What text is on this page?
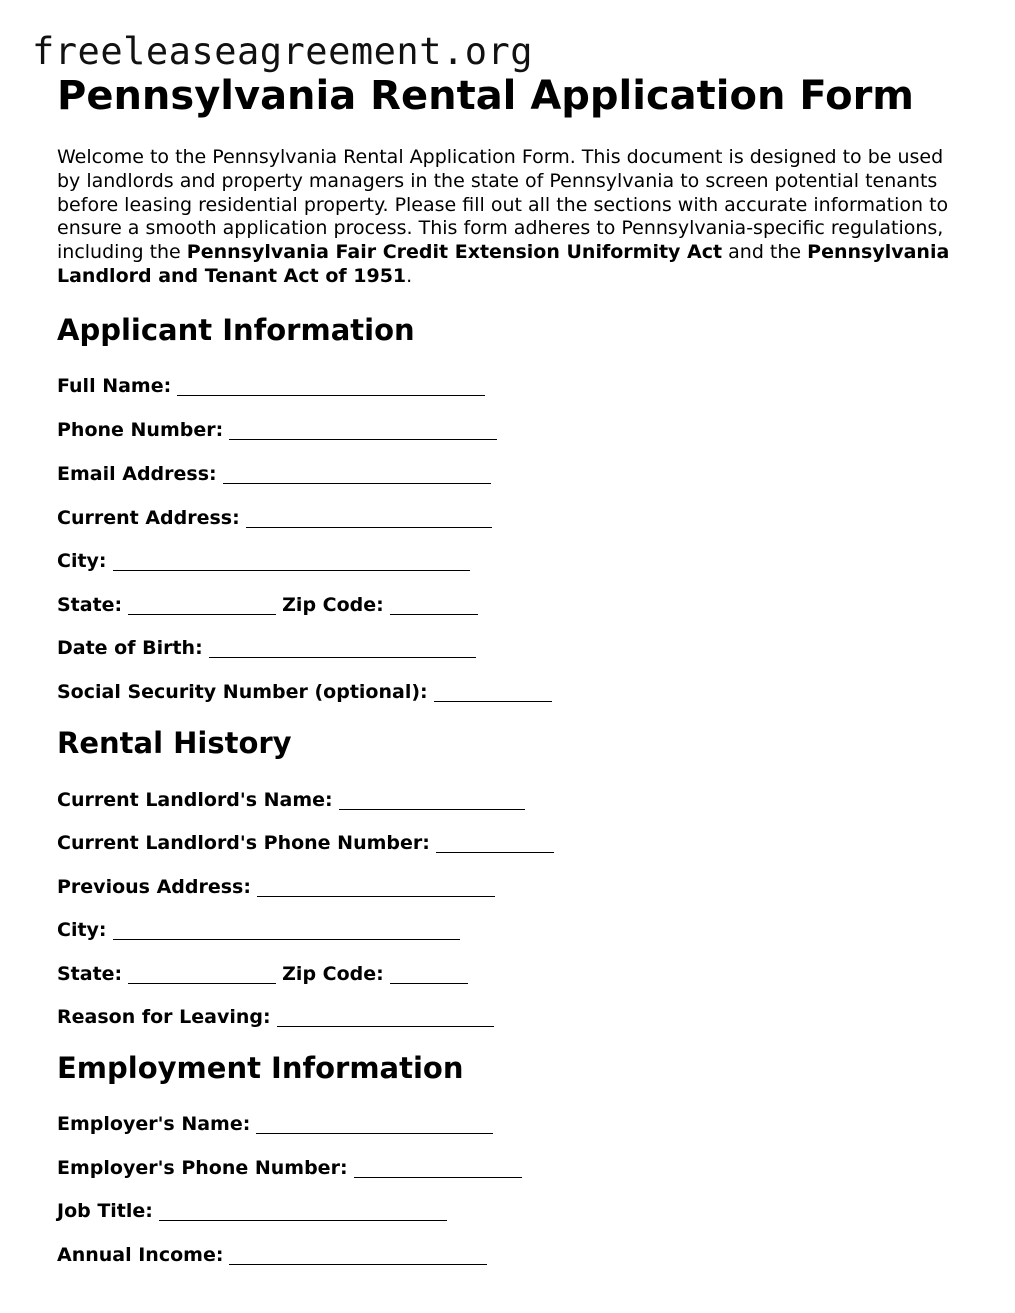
freeleaseagreement.org
Pennsylvania Rental Application Form

Welcome to the Pennsylvania Rental Application Form. This document is designed to be used by landlords and property managers in the state of Pennsylvania to screen potential tenants before leasing residential property. Please fill out all the sections with accurate information to ensure a smooth application process. This form adheres to Pennsylvania-specific regulations, including the Pennsylvania Fair Credit Extension Uniformity Act and the Pennsylvania Landlord and Tenant Act of 1951.

Applicant Information
Full Name:
Phone Number:
Email Address:
Current Address:
City:
State:	Zip Code:
Date of Birth:
Social Security Number (optional):
Rental History
Current Landlord's Name:
Current Landlord's Phone Number:
Previous Address:
City:
State:	Zip Code:
Reason for Leaving:
Employment Information
Employer's Name:
Employer's Phone Number:
Job Title:
Annual Income:
